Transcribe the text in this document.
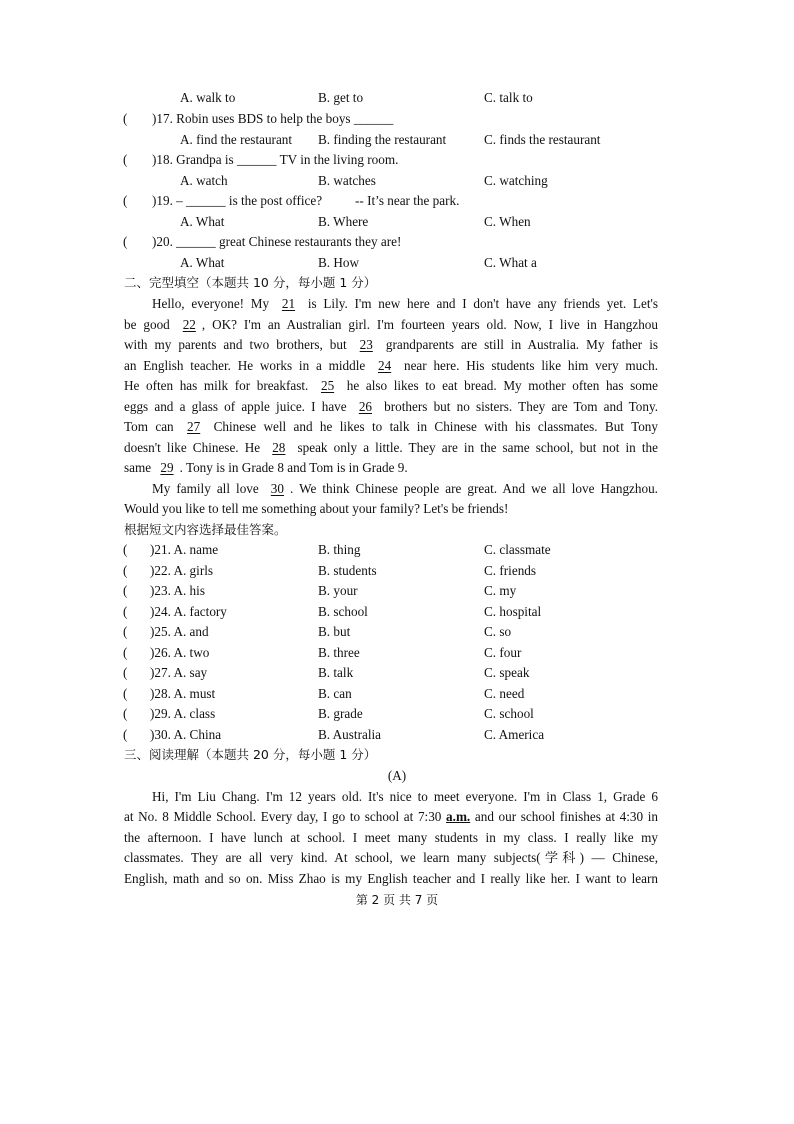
A. walk to	B. get to	C. talk to
( )17. Robin uses BDS to help the boys ______
A. find the restaurant B. finding the restaurant	C. finds the restaurant
( )18. Grandpa is ______ TV in the living room.
A. watch	B. watches	C. watching
( )19. – ______ is the post office?          -- It’s near the park.
A. What	B. Where	C. When
( )20. ______ great Chinese restaurants they are!
A. What	B. How	C. What a
二、完型填空（本题共 10 分，每小题 1 分）
Hello, everyone! My 21 is Lily. I'm new here and I don't have any friends yet. Let's
be good 22 , OK? I'm an Australian girl. I'm fourteen years old. Now, I live in Hangzhou
with my parents and two brothers, but 23 grandparents are still in Australia. My father is
an English teacher. He works in a middle 24 near here. His students like him very much.
He often has milk for breakfast. 25 he also likes to eat bread. My mother often has some
eggs and a glass of apple juice. I have 26 brothers but no sisters. They are Tom and Tony.
Tom can 27 Chinese well and he likes to talk in Chinese with his classmates. But Tony
doesn't like Chinese. He 28 speak only a little. They are in the same school, but not in the
same 29 . Tony is in Grade 8 and Tom is in Grade 9.
My family all love 30 . We think Chinese people are great. And we all love Hangzhou.
Would you like to tell me something about your family? Let's be friends!
根据短文内容选择最佳答案。
( )21. A. name	B. thing	C. classmate
( )22. A. girls	B. students	C. friends
( )23. A. his	B. your	C. my
( )24. A. factory	B. school	C. hospital
( )25. A. and	B. but	C. so
( )26. A. two	B. three	C. four
( )27. A. say	B. talk	C. speak
( )28. A. must	B. can	C. need
( )29. A. class	B. grade	C. school
( )30. A. China	B. Australia	C. America
三、阅读理解（本题共 20 分，每小题 1 分）
(A)
Hi, I'm Liu Chang. I'm 12 years old. It's nice to meet everyone. I'm in Class 1, Grade 6
at No. 8 Middle School. Every day, I go to school at 7:30 a.m. and our school finishes at 4:30 in
the afternoon. I have lunch at school. I meet many students in my class. I really like my
classmates. They are all very kind. At school, we learn many subjects(学科) — Chinese,
English, math and so on. Miss Zhao is my English teacher and I really like her. I want to learn
第 2 页 共 7 页
